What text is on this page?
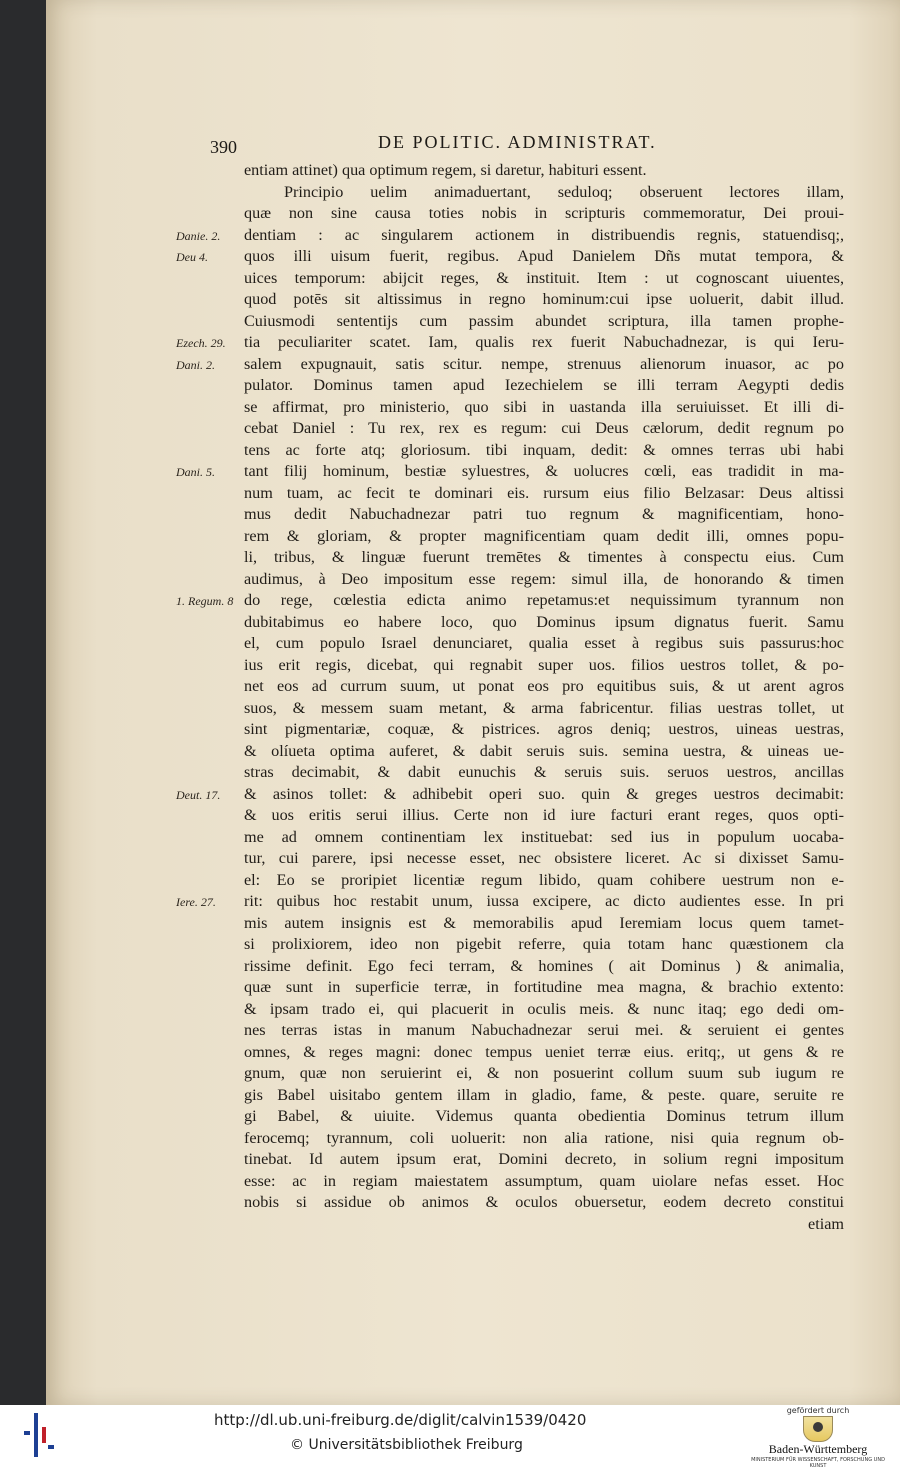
390	DE POLITIC. ADMINISTRAT.
Danie. 2.
Deu 4.
Ezech. 29.
Dani. 2.
Dani. 5.
1. Regum. 8
Deut. 17.
Iere. 27.
entiam attinet) qua optimum regem, si daretur, habituri essent.
Principio uelim animaduertant, seduloq; obseruent lectores illam,
quæ non sine causa toties nobis in scripturis commemoratur, Dei proui-
dentiam : ac singularem actionem in distribuendis regnis, statuendisq;,
quos illi uisum fuerit, regibus. Apud Danielem Dñs mutat tempora, &
uices temporum: abijcit reges, & instituit. Item : ut cognoscant uiuentes,
quod potēs sit altissimus in regno hominum:cui ipse uoluerit, dabit illud.
Cuiusmodi sententijs cum passim abundet scriptura, illa tamen prophe-
tia peculiariter scatet. Iam, qualis rex fuerit Nabuchadnezar, is qui Ieru-
salem expugnauit, satis scitur. nempe, strenuus alienorum inuasor, ac po
pulator. Dominus tamen apud Iezechielem se illi terram Aegypti dedis
se affirmat, pro ministerio, quo sibi in uastanda illa seruiuisset. Et illi di-
cebat Daniel : Tu rex, rex es regum: cui Deus cælorum, dedit regnum po
tens ac forte atq; gloriosum. tibi inquam, dedit: & omnes terras ubi habi
tant filij hominum, bestiæ syluestres, & uolucres cœli, eas tradidit in ma-
num tuam, ac fecit te dominari eis. rursum eius filio Belzasar: Deus altissi
mus dedit Nabuchadnezar patri tuo regnum & magnificentiam, hono-
rem & gloriam, & propter magnificentiam quam dedit illi, omnes popu-
li, tribus, & linguæ fuerunt tremētes & timentes à conspectu eius. Cum
audimus, à Deo impositum esse regem: simul illa, de honorando & timen
do rege, cœlestia edicta animo repetamus:et nequissimum tyrannum non
dubitabimus eo habere loco, quo Dominus ipsum dignatus fuerit. Samu
el, cum populo Israel denunciaret, qualia esset à regibus suis passurus:hoc
ius erit regis, dicebat, qui regnabit super uos. filios uestros tollet, & po-
net eos ad currum suum, ut ponat eos pro equitibus suis, & ut arent agros
suos, & messem suam metant, & arma fabricentur. filias uestras tollet, ut
sint pigmentariæ, coquæ, & pistrices. agros deniq; uestros, uineas uestras,
& olíueta optima auferet, & dabit seruis suis. semina uestra, & uineas ue-
stras decimabit, & dabit eunuchis & seruis suis. seruos uestros, ancillas
& asinos tollet: & adhibebit operi suo. quin & greges uestros decimabit:
& uos eritis serui illius. Certe non id iure facturi erant reges, quos opti-
me ad omnem continentiam lex instituebat: sed ius in populum uocaba-
tur, cui parere, ipsi necesse esset, nec obsistere liceret. Ac si dixisset Samu-
el: Eo se proripiet licentiæ regum libido, quam cohibere uestrum non e-
rit: quibus hoc restabit unum, iussa excipere, ac dicto audientes esse. In pri
mis autem insignis est & memorabilis apud Ieremiam locus quem tamet-
si prolixiorem, ideo non pigebit referre, quia totam hanc quæstionem cla
rissime definit. Ego feci terram, & homines ( ait Dominus ) & animalia,
quæ sunt in superficie terræ, in fortitudine mea magna, & brachio extento:
& ipsam trado ei, qui placuerit in oculis meis. & nunc itaq; ego dedi om-
nes terras istas in manum Nabuchadnezar serui mei. & seruient ei gentes
omnes, & reges magni: donec tempus ueniet terræ eius. eritq;, ut gens & re
gnum, quæ non seruierint ei, & non posuerint collum suum sub iugum re
gis Babel uisitabo gentem illam in gladio, fame, & peste. quare, seruite re
gi Babel, & uiuite. Videmus quanta obedientia Dominus tetrum illum
ferocemq; tyrannum, coli uoluerit: non alia ratione, nisi quia regnum ob-
tinebat. Id autem ipsum erat, Domini decreto, in solium regni impositum
esse: ac in regiam maiestatem assumptum, quam uiolare nefas esset. Hoc
nobis si assidue ob animos & oculos obuersetur, eodem decreto constitui
etiam
http://dl.ub.uni-freiburg.de/diglit/calvin1539/0420
© Universitätsbibliothek Freiburg
gefördert durch
Baden-Württemberg
MINISTERIUM FÜR WISSENSCHAFT, FORSCHUNG UND KUNST
